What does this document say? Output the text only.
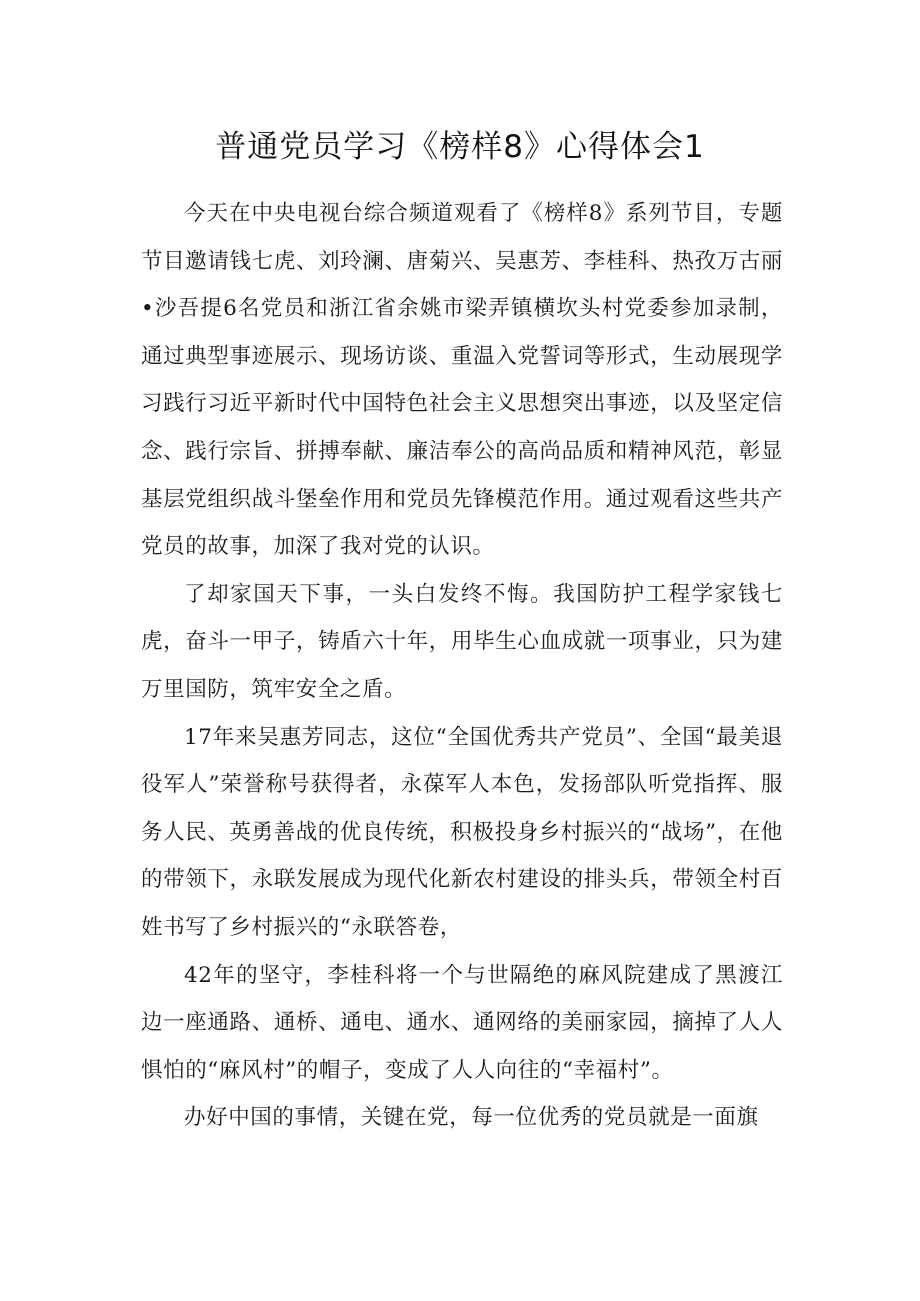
普通党员学习《榜样8》心得体会1

今天在中央电视台综合频道观看了《榜样8》系列节目，专题节目邀请钱七虎、刘玲澜、唐菊兴、吴惠芳、李桂科、热孜万古丽•沙吾提6名党员和浙江省余姚市梁弄镇横坎头村党委参加录制，通过典型事迹展示、现场访谈、重温入党誓词等形式，生动展现学习践行习近平新时代中国特色社会主义思想突出事迹，以及坚定信念、践行宗旨、拼搏奉献、廉洁奉公的高尚品质和精神风范，彰显基层党组织战斗堡垒作用和党员先锋模范作用。通过观看这些共产党员的故事，加深了我对党的认识。

了却家国天下事，一头白发终不悔。我国防护工程学家钱七虎，奋斗一甲子，铸盾六十年，用毕生心血成就一项事业，只为建万里国防，筑牢安全之盾。

17年来吴惠芳同志，这位“全国优秀共产党员”、全国“最美退役军人”荣誉称号获得者，永葆军人本色，发扬部队听党指挥、服务人民、英勇善战的优良传统，积极投身乡村振兴的“战场”，在他的带领下，永联发展成为现代化新农村建设的排头兵，带领全村百姓书写了乡村振兴的“永联答卷，

42年的坚守，李桂科将一个与世隔绝的麻风院建成了黑渡江边一座通路、通桥、通电、通水、通网络的美丽家园，摘掉了人人惧怕的“麻风村”的帽子，变成了人人向往的“幸福村”。

办好中国的事情，关键在党，每一位优秀的党员就是一面旗
